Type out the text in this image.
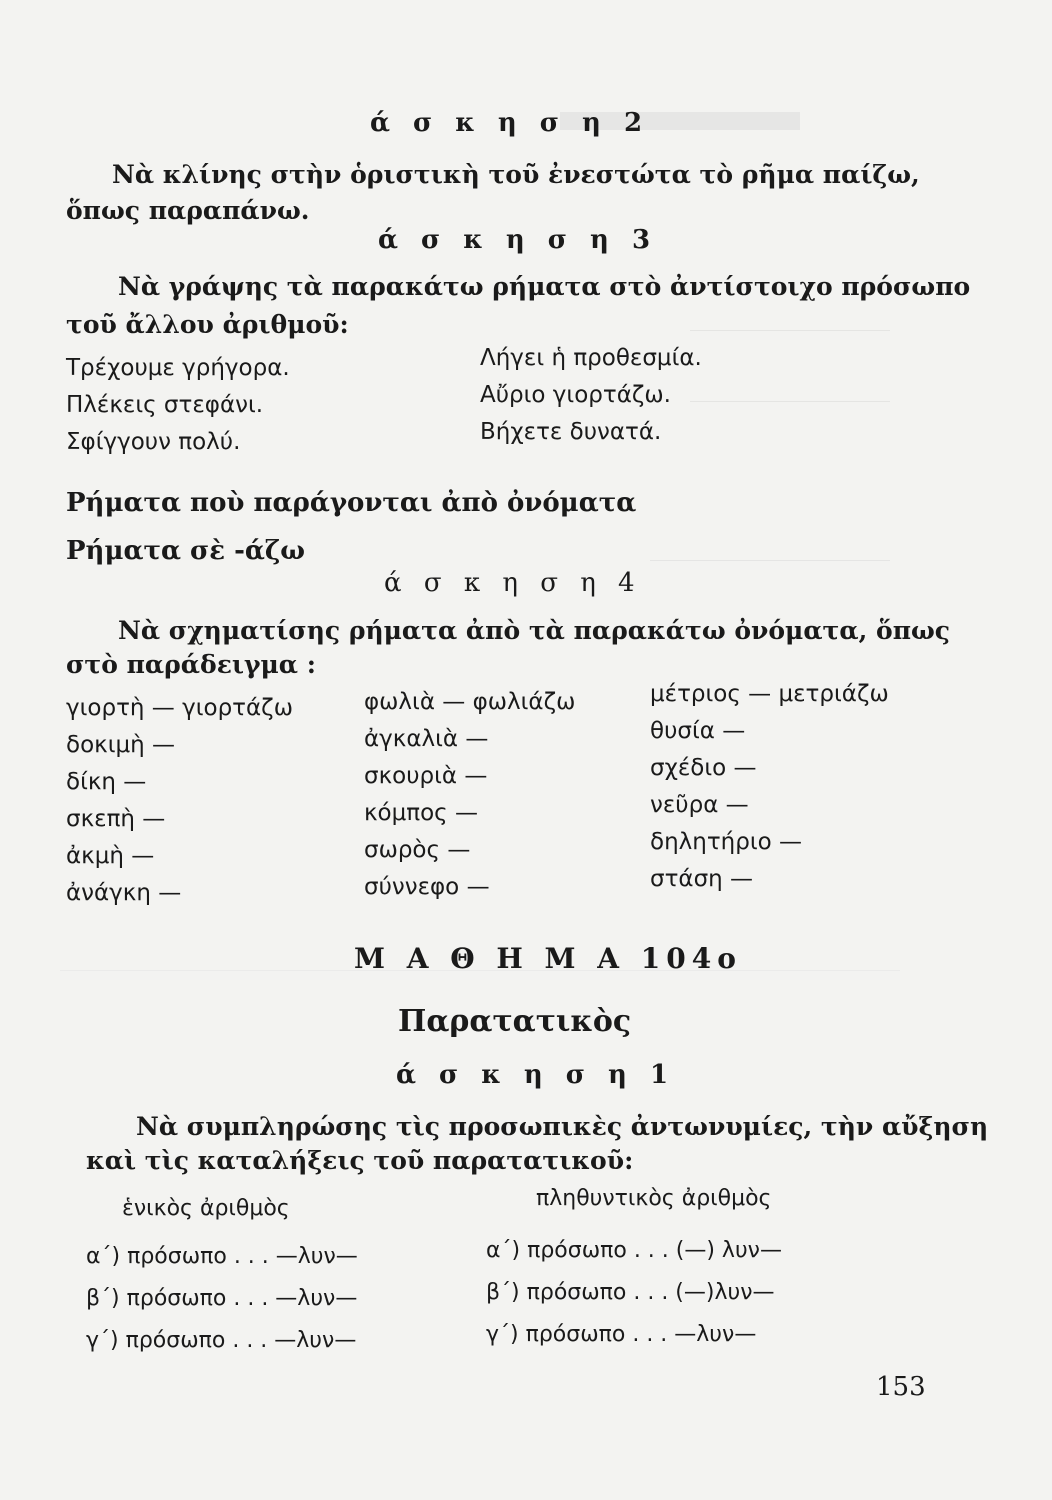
ά σ κ η σ η 2
Νὰ κλίνης στὴν ὁριστικὴ τοῦ ἐνεστώτα τὸ ρῆμα παίζω,
ὅπως παραπάνω.
ά σ κ η σ η 3
Νὰ γράψης τὰ παρακάτω ρήματα στὸ ἀντίστοιχο πρόσωπο
τοῦ ἄλλου ἀριθμοῦ:
Τρέχουμε γρήγορα.
Πλέκεις στεφάνι.
Σφίγγουν πολύ.
Λήγει ἡ προθεσμία.
Αὔριο γιορτάζω.
Βήχετε δυνατά.
Ρήματα ποὺ παράγονται ἀπὸ ὀνόματα
Ρήματα σὲ -άζω
ά σ κ η σ η 4
Νὰ σχηματίσης ρήματα ἀπὸ τὰ παρακάτω ὀνόματα, ὅπως
στὸ παράδειγμα :
γιορτὴ — γιορτάζω
δοκιμὴ —
δίκη —
σκεπὴ —
ἀκμὴ —
ἀνάγκη —
φωλιὰ — φωλιάζω
ἀγκαλιὰ —
σκουριὰ —
κόμπος —
σωρὸς —
σύννεφο —
μέτριος — μετριάζω
θυσία —
σχέδιο —
νεῦρα —
δηλητήριο —
στάση —
Μ Α Θ Η Μ Α 104ο
Παρατατικὸς
ά σ κ η σ η 1
Νὰ συμπληρώσης τὶς προσωπικὲς ἀντωνυμίες, τὴν αὔξηση
καὶ τὶς καταλήξεις τοῦ παρατατικοῦ:
ἑνικὸς ἀριθμὸς	πληθυντικὸς ἀριθμὸς
α΄) πρόσωπο . . . —λυν—
β΄) πρόσωπο . . . —λυν—
γ΄) πρόσωπο . . . —λυν—
α΄) πρόσωπο . . . (—) λυν—
β΄) πρόσωπο . . . (—)λυν—
γ΄) πρόσωπο . . . —λυν—
153
